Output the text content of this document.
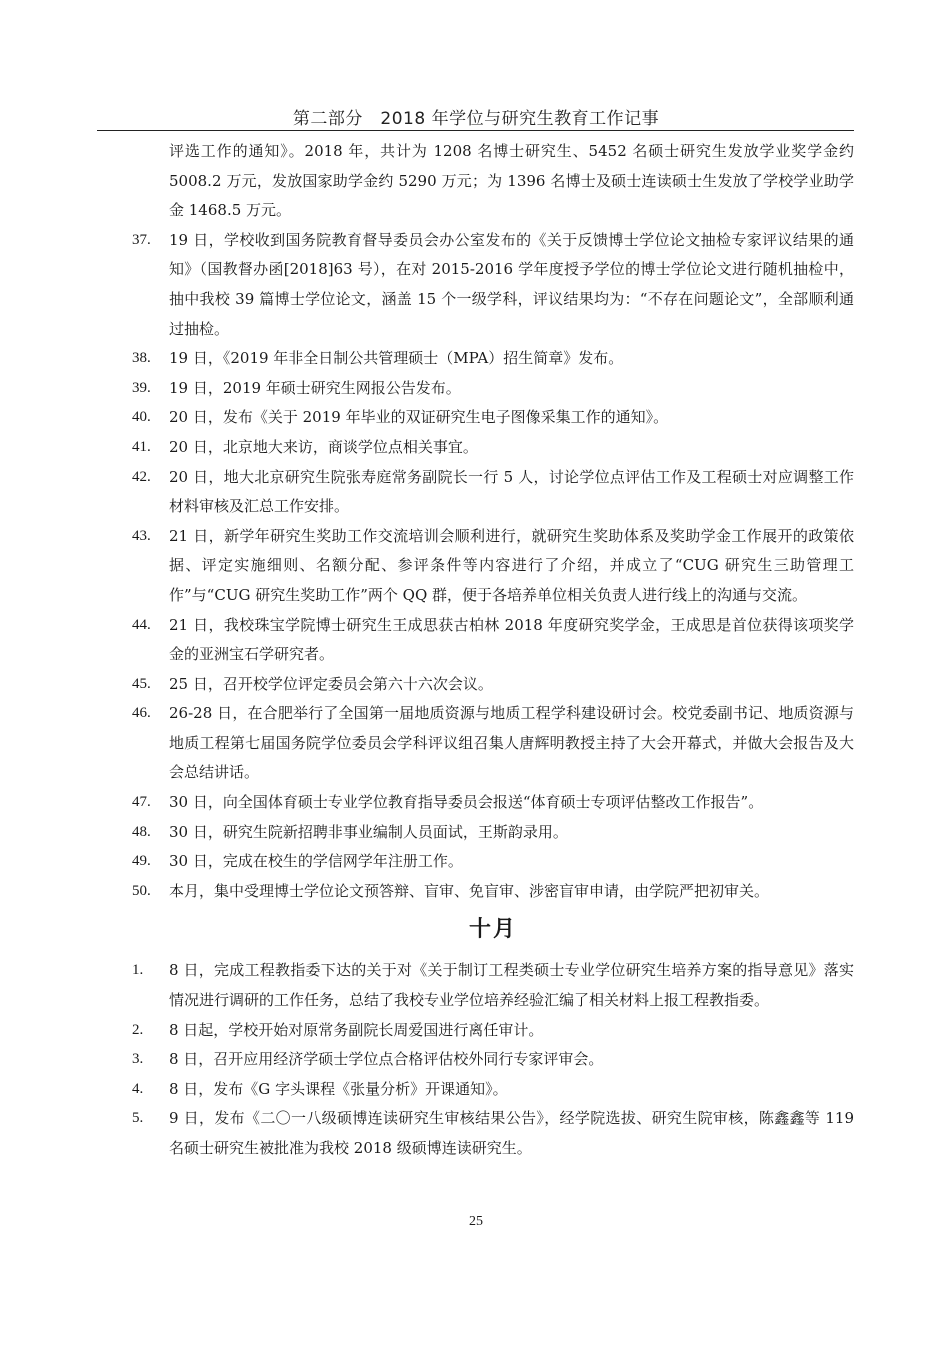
第二部分　2018 年学位与研究生教育工作记事
评选工作的通知》。2018 年，共计为 1208 名博士研究生、5452 名硕士研究生发放学业奖学金约 5008.2 万元，发放国家助学金约 5290 万元；为 1396 名博士及硕士连读硕士生发放了学校学业助学金 1468.5 万元。
37. 19 日，学校收到国务院教育督导委员会办公室发布的《关于反馈博士学位论文抽检专家评议结果的通知》（国教督办函[2018]63 号），在对 2015-2016 学年度授予学位的博士学位论文进行随机抽检中，抽中我校 39 篇博士学位论文，涵盖 15 个一级学科，评议结果均为：“不存在问题论文”，全部顺利通过抽检。
38. 19 日，《2019 年非全日制公共管理硕士（MPA）招生简章》发布。
39. 19 日，2019 年硕士研究生网报公告发布。
40. 20 日，发布《关于 2019 年毕业的双证研究生电子图像采集工作的通知》。
41. 20 日，北京地大来访，商谈学位点相关事宜。
42. 20 日，地大北京研究生院张寿庭常务副院长一行 5 人，讨论学位点评估工作及工程硕士对应调整工作材料审核及汇总工作安排。
43. 21 日，新学年研究生奖助工作交流培训会顺利进行，就研究生奖助体系及奖助学金工作展开的政策依据、评定实施细则、名额分配、参评条件等内容进行了介绍，并成立了“CUG 研究生三助管理工作”与“CUG 研究生奖助工作”两个 QQ 群，便于各培养单位相关负责人进行线上的沟通与交流。
44. 21 日，我校珠宝学院博士研究生王成思获古柏林 2018 年度研究奖学金，王成思是首位获得该项奖学金的亚洲宝石学研究者。
45. 25 日，召开校学位评定委员会第六十六次会议。
46. 26-28 日，在合肥举行了全国第一届地质资源与地质工程学科建设研讨会。校党委副书记、地质资源与地质工程第七届国务院学位委员会学科评议组召集人唐辉明教授主持了大会开幕式，并做大会报告及大会总结讲话。
47. 30 日，向全国体育硕士专业学位教育指导委员会报送“体育硕士专项评估整改工作报告”。
48. 30 日，研究生院新招聘非事业编制人员面试，王斯韵录用。
49. 30 日，完成在校生的学信网学年注册工作。
50. 本月，集中受理博士学位论文预答辩、盲审、免盲审、涉密盲审申请，由学院严把初审关。
十月
1. 8 日，完成工程教指委下达的关于对《关于制订工程类硕士专业学位研究生培养方案的指导意见》落实情况进行调研的工作任务，总结了我校专业学位培养经验汇编了相关材料上报工程教指委。
2. 8 日起，学校开始对原常务副院长周爱国进行离任审计。
3. 8 日，召开应用经济学硕士学位点合格评估校外同行专家评审会。
4. 8 日，发布《G 字头课程《张量分析》开课通知》。
5. 9 日，发布《二〇一八级硕博连读研究生审核结果公告》，经学院选拔、研究生院审核，陈鑫鑫等 119 名硕士研究生被批准为我校 2018 级硕博连读研究生。
25
